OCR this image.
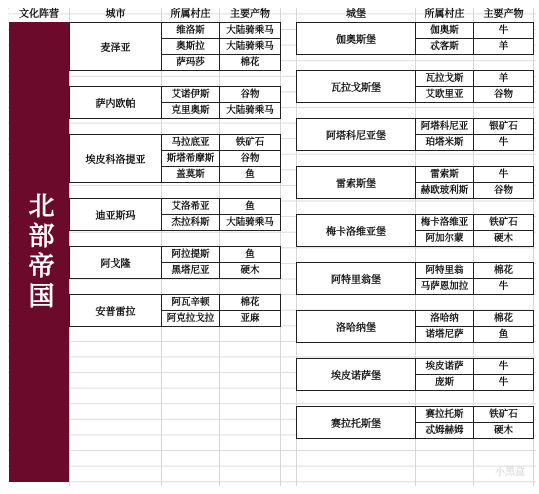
文化阵营	城市	所属村庄	主要产物	城堡	所属村庄	主要产物
北部帝国
麦泽亚
维洛斯	大陆骑乘马
奥斯拉	大陆骑乘马
萨玛莎	棉花
萨内欧帕
艾诺伊斯	谷物
克里奥斯	大陆骑乘马
埃皮科洛提亚
马拉底亚	铁矿石
斯塔希摩斯	谷物
盖莫斯	鱼
迪亚斯玛
艾洛希亚	鱼
杰拉科斯	大陆骑乘马
阿戈隆
阿拉提斯	鱼
黑塔尼亚	硬木
安普雷拉
阿瓦辛顿	棉花
阿克拉戈拉	亚麻
伽奥斯堡
伽奥斯	牛
忒客斯	羊
瓦拉戈斯堡
瓦拉戈斯	羊
艾欧里亚	谷物
阿塔科尼亚堡
阿塔科尼亚	银矿石
珀塔米斯	牛
雷索斯堡
雷索斯	牛
赫欧玻利斯	谷物
梅卡洛维亚堡
梅卡洛维亚	铁矿石
阿加尔蒙	硬木
阿特里翁堡
阿特里翁	棉花
马萨恩加拉	牛
洛哈纳堡
洛哈纳	棉花
诺塔尼萨	鱼
埃皮诺萨堡
埃皮诺萨	牛
庞斯	牛
赛拉托斯堡
赛拉托斯	铁矿石
忒姆赫姆	硬木
小黑盒
